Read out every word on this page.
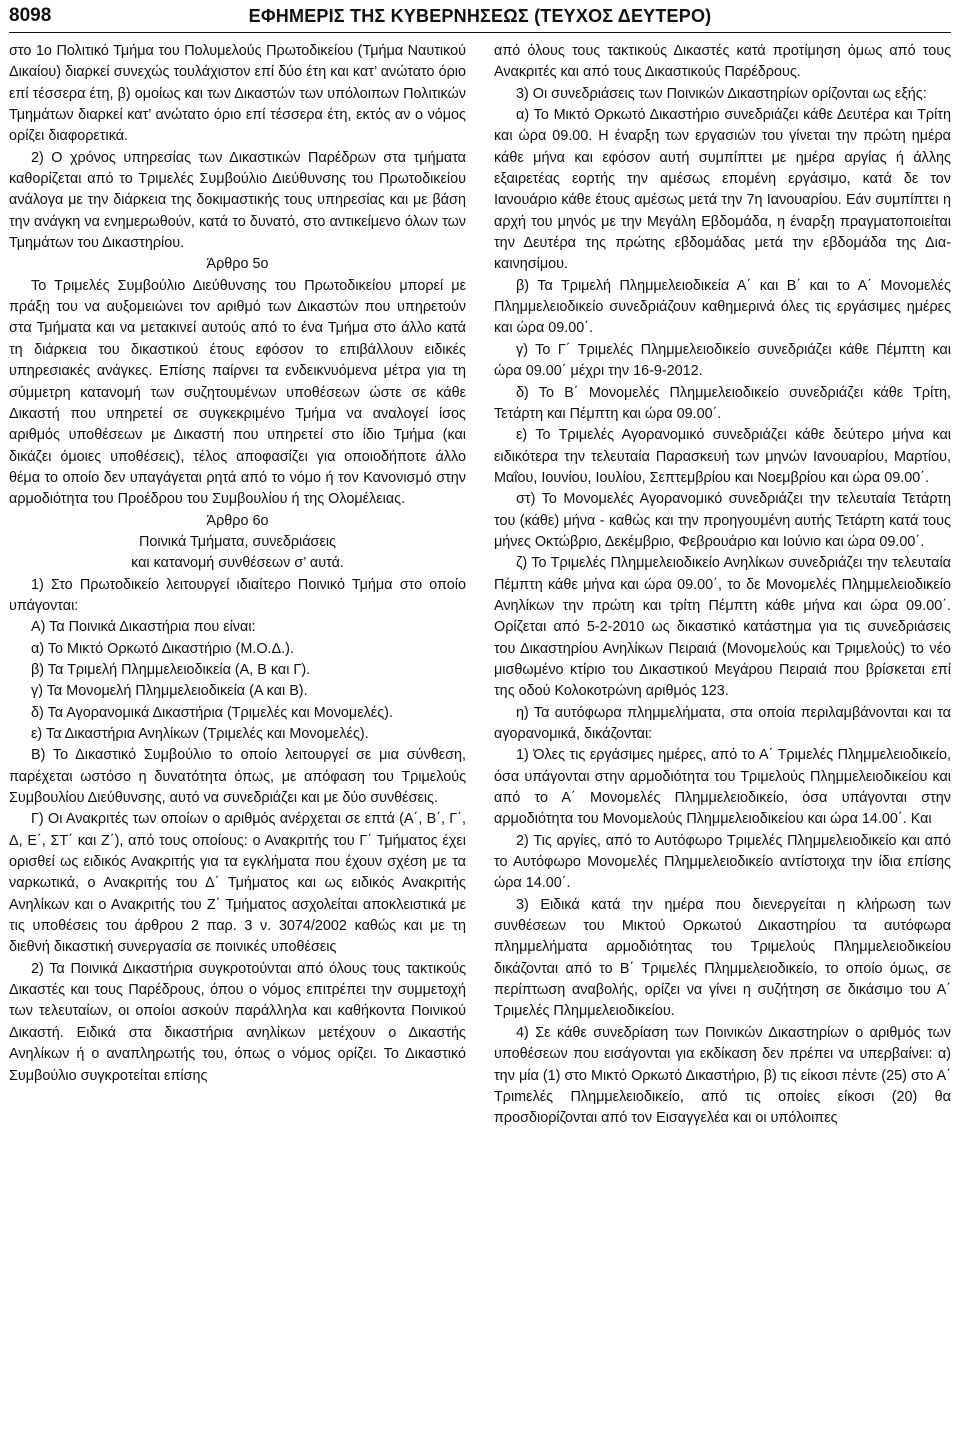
8098	ΕΦΗΜΕΡΙΣ ΤΗΣ ΚΥΒΕΡΝΗΣΕΩΣ (ΤΕΥΧΟΣ ΔΕΥΤΕΡΟ)

στο 1ο Πολιτικό Τμήμα του Πολυμελούς Πρωτοδικείου (Τμήμα Ναυτικού Δικαίου) διαρκεί συνεχώς τουλάχιστον επί δύο έτη και κατ’ ανώτατο όριο επί τέσσερα έτη, β) ομοίως και των Δικαστών των υπόλοιπων Πολιτικών Τμημάτων διαρκεί κατ’ ανώτατο όριο επί τέσσερα έτη, εκτός αν ο νόμος ορίζει διαφορετικά.

2) Ο χρόνος υπηρεσίας των Δικαστικών Παρέδρων στα τμήματα καθορίζεται από το Τριμελές Συμβούλιο Διεύθυνσης του Πρωτοδικείου ανάλογα με την διάρκεια της δοκιμαστικής τους υπηρεσίας και με βάση την ανάγκη να ενημερωθούν, κατά το δυνατό, στο αντικείμενο όλων των Τμημάτων του Δικαστηρίου.

Άρθρο 5ο

Το Τριμελές Συμβούλιο Διεύθυνσης του Πρωτοδικείου μπορεί με πράξη του να αυξομειώνει τον αριθμό των Δικαστών που υπηρετούν στα Τμήματα και να μετακινεί αυτούς από το ένα Τμήμα στο άλλο κατά τη διάρκεια του δικαστικού έτους εφόσον το επιβάλλουν ειδικές υπηρεσιακές ανάγκες. Επίσης παίρνει τα ενδεικνυόμενα μέτρα για τη σύμμετρη κατανομή των συζητουμένων υποθέσεων ώστε σε κάθε Δικαστή που υπηρετεί σε συγκεκριμένο Τμήμα να αναλογεί ίσος αριθμός υποθέσεων με Δικαστή που υπηρετεί στο ίδιο Τμήμα (και δικάζει όμοιες υποθέσεις), τέλος αποφασίζει για οποιοδήποτε άλλο θέμα το οποίο δεν υπαγάγεται ρητά από το νόμο ή τον Κανονισμό στην αρμοδιότητα του Προέδρου του Συμβουλίου ή της Ολομέλειας.

Άρθρο 6ο

Ποινικά Τμήματα, συνεδριάσεις

και κατανομή συνθέσεων σ’ αυτά.

1) Στο Πρωτοδικείο λειτουργεί ιδιαίτερο Ποινικό Τμήμα στο οποίο υπάγονται:

Α) Τα Ποινικά Δικαστήρια που είναι:

α) Το Μικτό Ορκωτό Δικαστήριο (Μ.Ο.Δ.).

β) Τα Τριμελή Πλημμελειοδικεία (Α, Β και Γ).

γ) Τα Μονομελή Πλημμελειοδικεία (Α και Β).

δ) Τα Αγορανομικά Δικαστήρια (Τριμελές και Μονομελές).

ε) Τα Δικαστήρια Ανηλίκων (Τριμελές και Μονομελές).

Β) Το Δικαστικό Συμβούλιο το οποίο λειτουργεί σε μια σύνθεση, παρέχεται ωστόσο η δυνατότητα όπως, με απόφαση του Τριμελούς Συμβουλίου Διεύθυνσης, αυτό να συνεδριάζει και με δύο συνθέσεις.

Γ) Οι Ανακριτές των οποίων ο αριθμός ανέρχεται σε επτά (Α΄, Β΄, Γ΄, Δ, Ε΄, ΣΤ΄ και Ζ΄), από τους οποίους: ο Ανακριτής του Γ΄ Τμήματος έχει ορισθεί ως ειδικός Ανακριτής για τα εγκλήματα που έχουν σχέση με τα ναρκωτικά, ο Ανακριτής του Δ΄ Τμήματος και ως ειδικός Ανακριτής Ανηλίκων και ο Ανακριτής του Ζ΄ Τμήματος ασχολείται αποκλειστικά με τις υποθέσεις του άρθρου 2 παρ. 3 ν. 3074/2002 καθώς και με τη διεθνή δικαστική συνεργασία σε ποινικές υποθέσεις

2) Τα Ποινικά Δικαστήρια συγκροτούνται από όλους τους τακτικούς Δικαστές και τους Παρέδρους, όπου ο νόμος επιτρέπει την συμμετοχή των τελευταίων, οι οποίοι ασκούν παράλληλα και καθήκοντα Ποινικού Δικαστή. Ειδικά στα δικαστήρια ανηλίκων μετέχουν ο Δικαστής Ανηλίκων ή ο αναπληρωτής του, όπως ο νόμος ορίζει. Το Δικαστικό Συμβούλιο συγκροτείται επίσης

από όλους τους τακτικούς Δικαστές κατά προτίμηση όμως από τους Ανακριτές και από τους Δικαστικούς Παρέδρους.

3) Οι συνεδριάσεις των Ποινικών Δικαστηρίων ορίζονται ως εξής:

α) Το Μικτό Ορκωτό Δικαστήριο συνεδριάζει κάθε Δευτέρα και Τρίτη και ώρα 09.00. Η έναρξη των εργασιών του γίνεται την πρώτη ημέρα κάθε μήνα και εφόσον αυτή συμπίπτει με ημέρα αργίας ή άλλης εξαιρετέας εορτής την αμέσως επομένη εργάσιμο, κατά δε τον Ιανουάριο κάθε έτους αμέσως μετά την 7η Ιανουαρίου. Εάν συμπίπτει η αρχή του μηνός με την Μεγάλη Εβδομάδα, η έναρξη πραγματοποιείται την Δευτέρα της πρώτης εβδομάδας μετά την εβδομάδα της Διακαινησίμου.

β) Τα Τριμελή Πλημμελειοδικεία Α΄ και Β΄ και το Α΄ Μονομελές Πλημμελειοδικείο συνεδριάζουν καθημερινά όλες τις εργάσιμες ημέρες και ώρα 09.00΄.

γ) Το Γ΄ Τριμελές Πλημμελειοδικείο συνεδριάζει κάθε Πέμπτη και ώρα 09.00΄ μέχρι την 16-9-2012.

δ) Το Β΄ Μονομελές Πλημμελειοδικείο συνεδριάζει κάθε Τρίτη, Τετάρτη και Πέμπτη και ώρα 09.00΄.

ε) Το Τριμελές Αγορανομικό συνεδριάζει κάθε δεύτερο μήνα και ειδικότερα την τελευταία Παρασκευή των μηνών Ιανουαρίου, Μαρτίου, Μαΐου, Ιουνίου, Ιουλίου, Σεπτεμβρίου και Νοεμβρίου και ώρα 09.00΄.

στ) Το Μονομελές Αγορανομικό συνεδριάζει την τελευταία Τετάρτη του (κάθε) μήνα - καθώς και την προηγουμένη αυτής Τετάρτη κατά τους μήνες Οκτώβριο, Δεκέμβριο, Φεβρουάριο και Ιούνιο και ώρα 09.00΄.

ζ) Το Τριμελές Πλημμελειοδικείο Ανηλίκων συνεδριάζει την τελευταία Πέμπτη κάθε μήνα και ώρα 09.00΄, το δε Μονομελές Πλημμελειοδικείο Ανηλίκων την πρώτη και τρίτη Πέμπτη κάθε μήνα και ώρα 09.00΄. Ορίζεται από 5-2-2010 ως δικαστικό κατάστημα για τις συνεδριάσεις του Δικαστηρίου Ανηλίκων Πειραιά (Μονομελούς και Τριμελούς) το νέο μισθωμένο κτίριο του Δικαστικού Μεγάρου Πειραιά που βρίσκεται επί της οδού Κολοκοτρώνη αριθμός 123.

η) Τα αυτόφωρα πλημμελήματα, στα οποία περιλαμβάνονται και τα αγορανομικά, δικάζονται:

1) Όλες τις εργάσιμες ημέρες, από το Α΄ Τριμελές Πλημμελειοδικείο, όσα υπάγονται στην αρμοδιότητα του Τριμελούς Πλημμελειοδικείου και από το Α΄ Μονομελές Πλημμελειοδικείο, όσα υπάγονται στην αρμοδιότητα του Μονομελούς Πλημμελειοδικείου και ώρα 14.00΄. Και

2) Τις αργίες, από το Αυτόφωρο Τριμελές Πλημμελειοδικείο και από το Αυτόφωρο Μονομελές Πλημμελειοδικείο αντίστοιχα την ίδια επίσης ώρα 14.00΄.

3) Ειδικά κατά την ημέρα που διενεργείται η κλήρωση των συνθέσεων του Μικτού Ορκωτού Δικαστηρίου τα αυτόφωρα πλημμελήματα αρμοδιότητας του Τριμελούς Πλημμελειοδικείου δικάζονται από το Β΄ Τριμελές Πλημμελειοδικείο, το οποίο όμως, σε περίπτωση αναβολής, ορίζει να γίνει η συζήτηση σε δικάσιμο του Α΄ Τριμελές Πλημμελειοδικείου.

4) Σε κάθε συνεδρίαση των Ποινικών Δικαστηρίων ο αριθμός των υποθέσεων που εισάγονται για εκδίκαση δεν πρέπει να υπερβαίνει: α) την μία (1) στο Μικτό Ορκωτό Δικαστήριο, β) τις είκοσι πέντε (25) στο Α΄ Τριmελές Πλημμελειοδικείο, από τις οποίες είκοσι (20) θα προσδιορίζονται από τον Εισαγγελέα και οι υπόλοιπες
